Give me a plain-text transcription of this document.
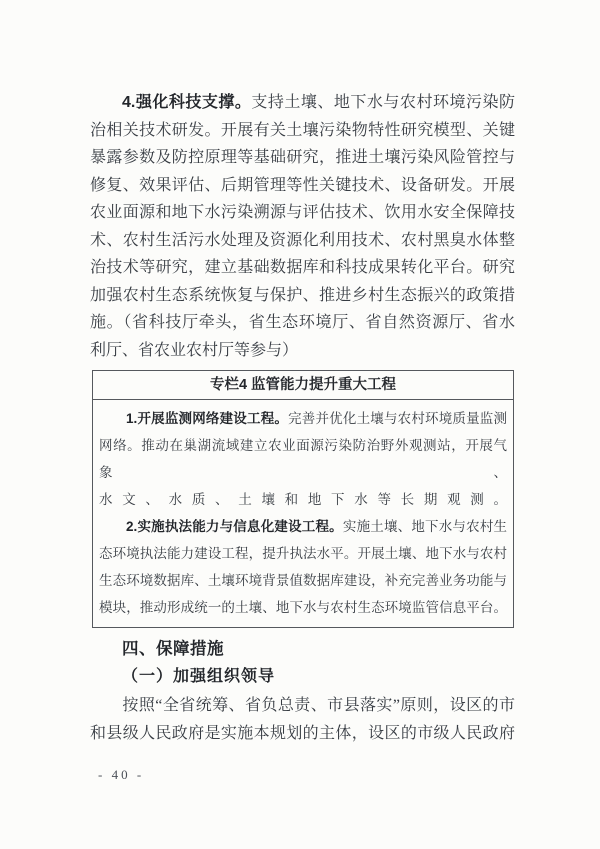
4.强化科技支撑。支持土壤、地下水与农村环境污染防
治相关技术研发。开展有关土壤污染物特性研究模型、关键
暴露参数及防控原理等基础研究，推进土壤污染风险管控与
修复、效果评估、后期管理等性关键技术、设备研发。开展
农业面源和地下水污染溯源与评估技术、饮用水安全保障技
术、农村生活污水处理及资源化利用技术、农村黑臭水体整
治技术等研究，建立基础数据库和科技成果转化平台。研究
加强农村生态系统恢复与保护、推进乡村生态振兴的政策措
施。（省科技厅牵头，省生态环境厅、省自然资源厅、省水
利厅、省农业农村厅等参与）
专栏4 监管能力提升重大工程
1.开展监测网络建设工程。完善并优化土壤与农村环境质量监测
网络。推动在巢湖流域建立农业面源污染防治野外观测站，开展气象、
水文、水质、土壤和地下水等长期观测。
2.实施执法能力与信息化建设工程。实施土壤、地下水与农村生
态环境执法能力建设工程，提升执法水平。开展土壤、地下水与农村
生态环境数据库、土壤环境背景值数据库建设，补充完善业务功能与
模块，推动形成统一的土壤、地下水与农村生态环境监管信息平台。
四、保障措施
（一）加强组织领导
按照“全省统筹、省负总责、市县落实”原则，设区的市
和县级人民政府是实施本规划的主体，设区的市级人民政府
- 40 -
